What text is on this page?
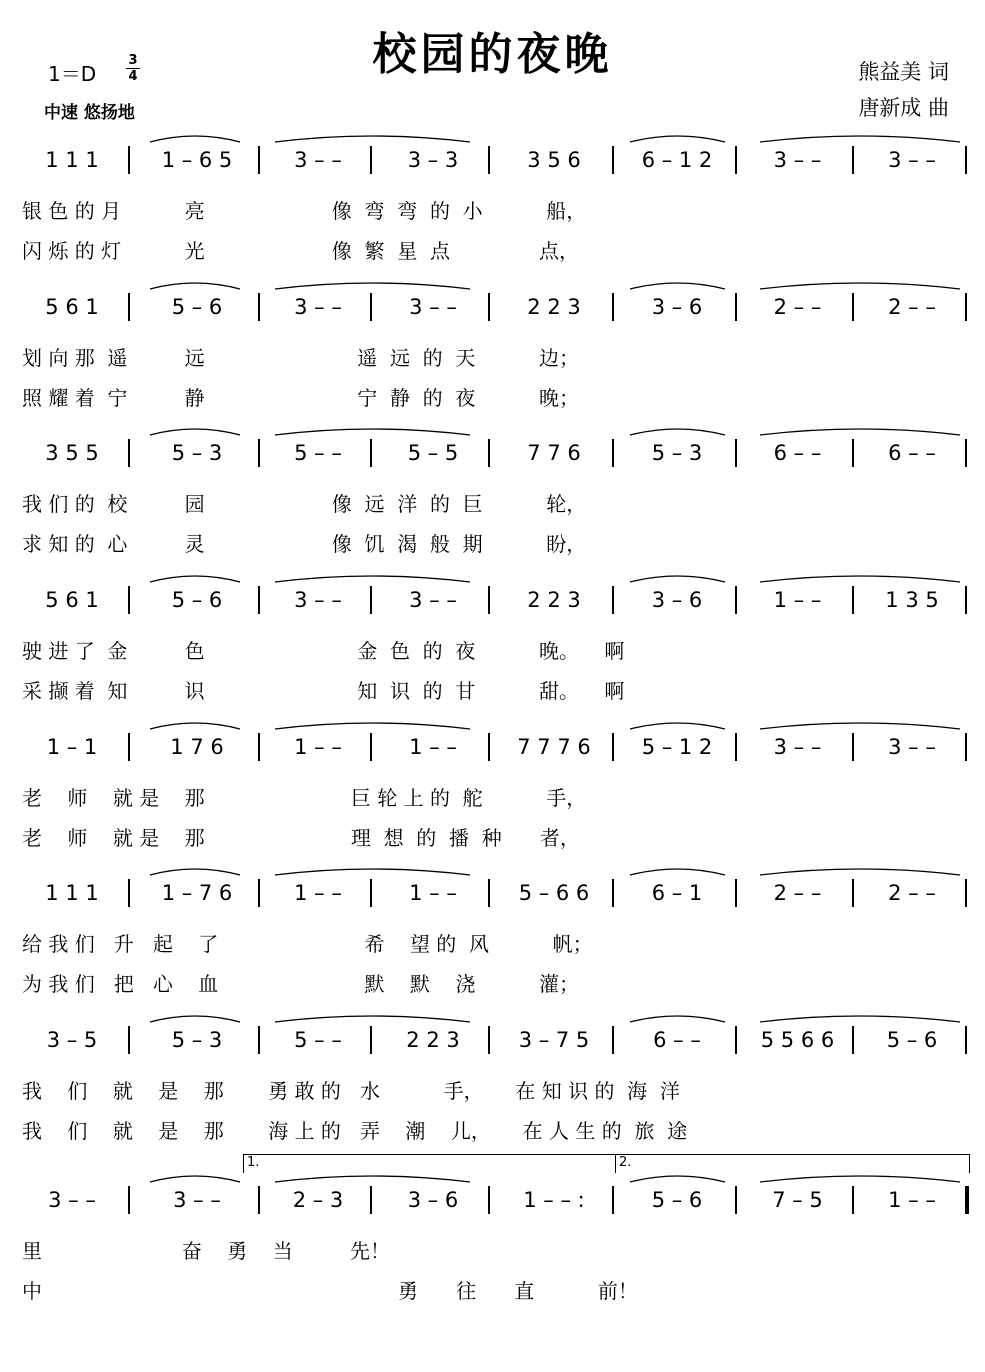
校园的夜晚
1＝D
3
4
中速 悠扬地
熊益美 词
唐新成 曲
1 1 1	1 – 6 5	3 – –	3 – 3	3 5 6	6 – 1 2	3 – –	3 – –
银 色 的 月          亮                    像  弯  弯  的  小          船，
闪 烁 的 灯          光                    像  繁  星  点              点，
5 6 1	5 – 6	3 – –	3 – –	2 2 3	3 – 6	2 – –	2 – –
划 向 那  遥         远                        遥  远  的  天          边；
照 耀 着  宁         静                        宁  静  的  夜          晚；
3 5 5	5 – 3	5 – –	5 – 5	7 7 6	5 – 3	6 – –	6 – –
我 们 的  校         园                    像  远  洋  的  巨          轮，
求 知 的  心         灵                    像  饥  渴  般  期          盼，
5 6 1	5 – 6	3 – –	3 – –	2 2 3	3 – 6	1 – –	1 3 5
驶 进 了  金         色                        金  色  的  夜          晚。    啊
采 撷 着  知         识                        知  识  的  甘          甜。    啊
1 – 1	1 7 6	1 – –	1 – –	7 7 7 6	5 – 1 2	3 – –	3 – –
老    师    就 是    那                       巨 轮 上 的  舵          手，
老    师    就 是    那                       理  想  的  播  种      者，
1 1 1	1 – 7 6	1 – –	1 – –	5 – 6 6	6 – 1	2 – –	2 – –
给 我 们   升   起    了                       希    望 的  风          帆；
为 我 们   把   心    血                       默    默    浇          灌；
3 – 5	5 – 3	5 – –	2 2 3	3 – 7 5	6 – –	5 5 6 6	5 – 6
我    们    就    是    那       勇 敢 的   水          手，     在 知 识 的  海  洋
我    们    就    是    那       海 上 的   弄    潮    儿，     在 人 生 的  旅  途
3 – –	3 – –	2 – 3	3 – 6	1 – – :	5 – 6	7 – 5	1 – –
1.	2.
里                      奋    勇    当         先！
中                                                        勇      往      直          前！
